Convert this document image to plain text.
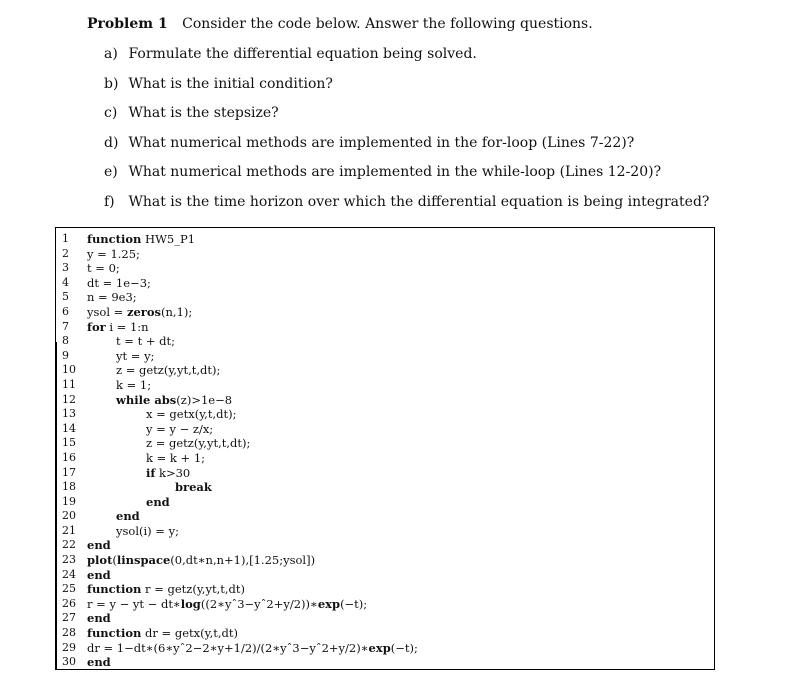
Problem 1 Consider the code below. Answer the following questions.
a) Formulate the differential equation being solved.
b) What is the initial condition?
c) What is the stepsize?
d) What numerical methods are implemented in the for-loop (Lines 7-22)?
e) What numerical methods are implemented in the while-loop (Lines 12-20)?
f) What is the time horizon over which the differential equation is being integrated?
1	function HW5_P1
2	y = 1.25;
3	t = 0;
4	dt = 1e−3;
5	n = 9e3;
6	ysol = zeros(n,1);
7	for i = 1:n
8	t = t + dt;
9	yt = y;
10	z = getz(y,yt,t,dt);
11	k = 1;
12	while abs(z)>1e−8
13	x = getx(y,t,dt);
14	y = y − z/x;
15	z = getz(y,yt,t,dt);
16	k = k + 1;
17	if k>30
18	break
19	end
20	end
21	ysol(i) = y;
22 end
23 plot(linspace(0,dt∗n,n+1),[1.25;ysol])
24 end
25 function r = getz(y,yt,t,dt)
26 r = y − yt − dt∗log((2∗yˆ3−yˆ2+y/2))∗exp(−t);
27 end
28 function dr = getx(y,t,dt)
29 dr = 1−dt∗(6∗yˆ2−2∗y+1/2)/(2∗yˆ3−yˆ2+y/2)∗exp(−t);
30 end
